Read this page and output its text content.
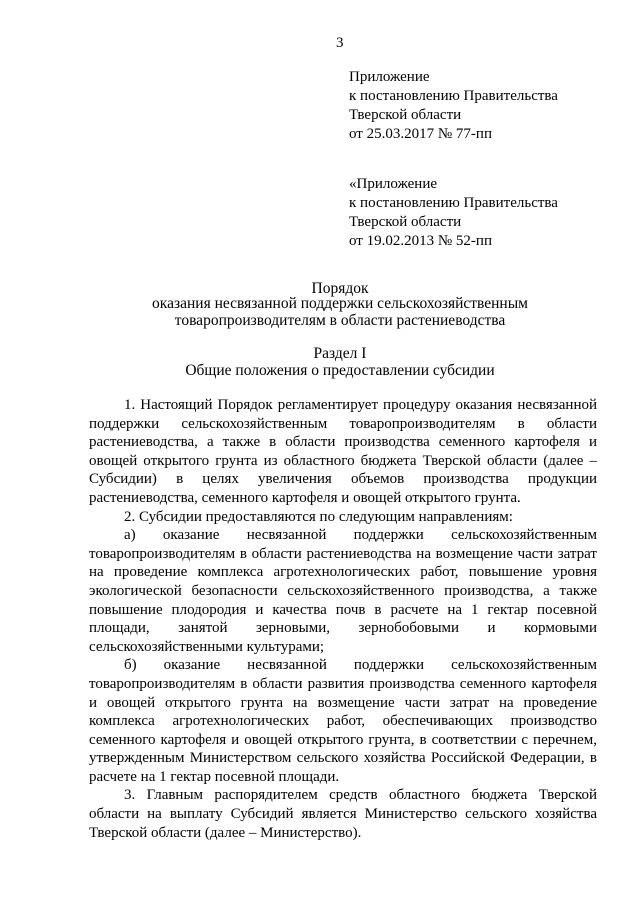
3
Приложение
к постановлению Правительства
Тверской области
от 25.03.2017 № 77-пп
«Приложение
к постановлению Правительства
Тверской области
от 19.02.2013 № 52-пп
Порядок
оказания несвязанной поддержки сельскохозяйственным
товаропроизводителям в области растениеводства
Раздел I
Общие положения о предоставлении субсидии

1. Настоящий Порядок регламентирует процедуру оказания несвязанной поддержки сельскохозяйственным товаропроизводителям в области растениеводства, а также в области производства семенного картофеля и овощей открытого грунта из областного бюджета Тверской области (далее – Субсидии) в целях увеличения объемов производства продукции растениеводства, семенного картофеля и овощей открытого грунта.

2. Субсидии предоставляются по следующим направлениям:

а) оказание несвязанной поддержки сельскохозяйственным товаропроизводителям в области растениеводства на возмещение части затрат на проведение комплекса агротехнологических работ, повышение уровня экологической безопасности сельскохозяйственного производства, а также повышение плодородия и качества почв в расчете на 1 гектар посевной площади, занятой зерновыми, зернобобовыми и кормовыми сельскохозяйственными культурами;

б) оказание несвязанной поддержки сельскохозяйственным товаропроизводителям в области развития производства семенного картофеля и овощей открытого грунта на возмещение части затрат на проведение комплекса агротехнологических работ, обеспечивающих производство семенного картофеля и овощей открытого грунта, в соответствии с перечнем, утвержденным Министерством сельского хозяйства Российской Федерации, в расчете на 1 гектар посевной площади.

3. Главным распорядителем средств областного бюджета Тверской области на выплату Субсидий является Министерство сельского хозяйства Тверской области (далее – Министерство).
